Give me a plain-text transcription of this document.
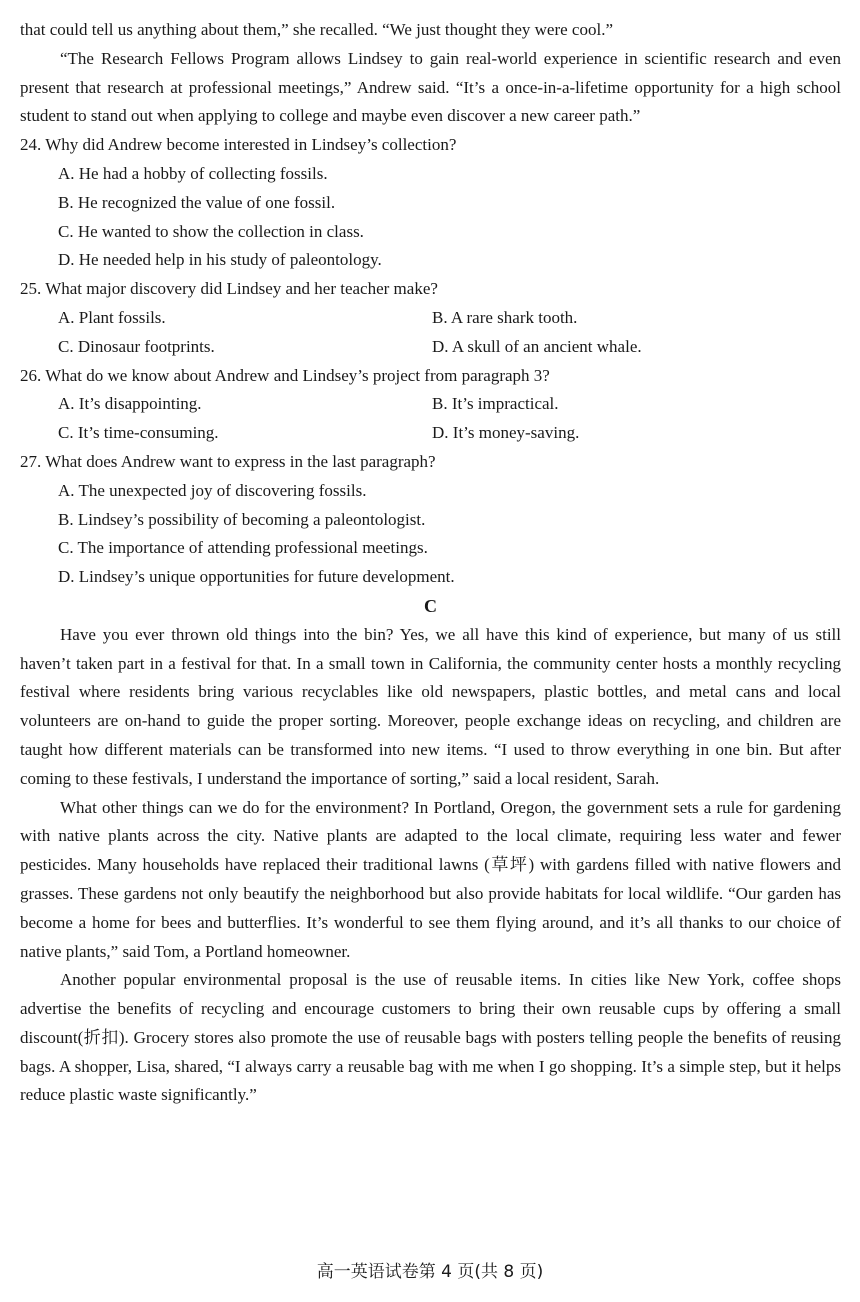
that could tell us anything about them,” she recalled. “We just thought they were cool.”

“The Research Fellows Program allows Lindsey to gain real-world experience in scientific research and even present that research at professional meetings,” Andrew said. “It’s a once-in-a-lifetime opportunity for a high school student to stand out when applying to college and maybe even discover a new career path.”

24. Why did Andrew become interested in Lindsey’s collection?

A. He had a hobby of collecting fossils.

B. He recognized the value of one fossil.

C. He wanted to show the collection in class.

D. He needed help in his study of paleontology.

25. What major discovery did Lindsey and her teacher make?

A. Plant fossils.	B. A rare shark tooth.
C. Dinosaur footprints.	D. A skull of an ancient whale.

26. What do we know about Andrew and Lindsey’s project from paragraph 3?

A. It’s disappointing.	B. It’s impractical.
C. It’s time-consuming.	D. It’s money-saving.

27. What does Andrew want to express in the last paragraph?

A. The unexpected joy of discovering fossils.

B. Lindsey’s possibility of becoming a paleontologist.

C. The importance of attending professional meetings.

D. Lindsey’s unique opportunities for future development.

C

Have you ever thrown old things into the bin? Yes, we all have this kind of experience, but many of us still haven’t taken part in a festival for that. In a small town in California, the community center hosts a monthly recycling festival where residents bring various recyclables like old newspapers, plastic bottles, and metal cans and local volunteers are on-hand to guide the proper sorting. Moreover, people exchange ideas on recycling, and children are taught how different materials can be transformed into new items. “I used to throw everything in one bin. But after coming to these festivals, I understand the importance of sorting,” said a local resident, Sarah.

What other things can we do for the environment? In Portland, Oregon, the government sets a rule for gardening with native plants across the city. Native plants are adapted to the local climate, requiring less water and fewer pesticides. Many households have replaced their traditional lawns (草坪) with gardens filled with native flowers and grasses. These gardens not only beautify the neighborhood but also provide habitats for local wildlife. “Our garden has become a home for bees and butterflies. It’s wonderful to see them flying around, and it’s all thanks to our choice of native plants,” said Tom, a Portland homeowner.

Another popular environmental proposal is the use of reusable items. In cities like New York, coffee shops advertise the benefits of recycling and encourage customers to bring their own reusable cups by offering a small discount(折扣). Grocery stores also promote the use of reusable bags with posters telling people the benefits of reusing bags. A shopper, Lisa, shared, “I always carry a reusable bag with me when I go shopping. It’s a simple step, but it helps reduce plastic waste significantly.”

高一英语试卷第 4 页(共 8 页)
